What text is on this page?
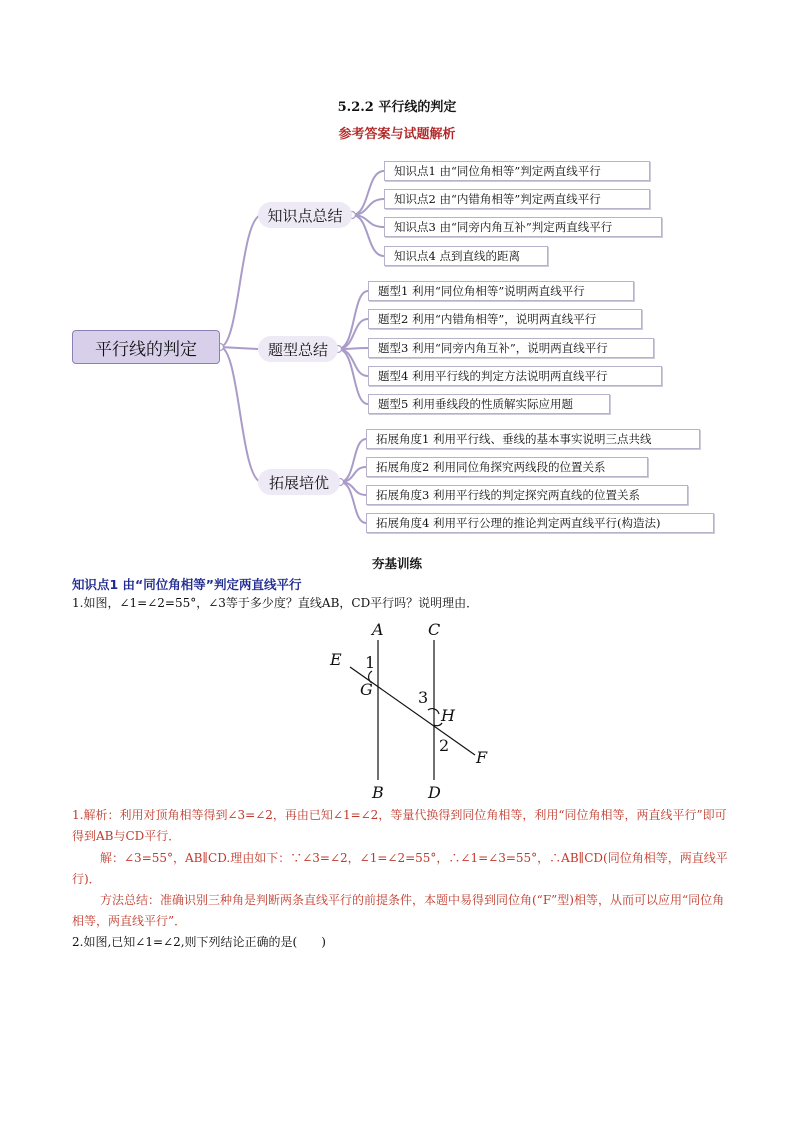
5.2.2 平行线的判定
参考答案与试题解析
平行线的判定
知识点总结
题型总结
拓展培优
知识点1 由“同位角相等”判定两直线平行
知识点2 由“内错角相等”判定两直线平行
知识点3 由“同旁内角互补”判定两直线平行
知识点4 点到直线的距离
题型1 利用“同位角相等”说明两直线平行
题型2 利用“内错角相等”，说明两直线平行
题型3 利用“同旁内角互补”，说明两直线平行
题型4 利用平行线的判定方法说明两直线平行
题型5 利用垂线段的性质解实际应用题
拓展角度1 利用平行线、垂线的基本事实说明三点共线
拓展角度2 利用同位角探究两线段的位置关系
拓展角度3 利用平行线的判定探究两直线的位置关系
拓展角度4 利用平行公理的推论判定两直线平行(构造法)
夯基训练
知识点1 由“同位角相等”判定两直线平行
1.如图，∠1=∠2=55°，∠3等于多少度？直线AB，CD平行吗？说明理由．
A	C
B	D
E
F
G
H
1
3
2
1.解析：利用对顶角相等得到∠3=∠2，再由已知∠1=∠2，等量代换得到同位角相等，利用“同位角相等，两直线平行”即可得到AB与CD平行．
解：∠3=55°，AB∥CD.理由如下：∵∠3=∠2，∠1=∠2=55°，∴∠1=∠3=55°，∴AB∥CD(同位角相等，两直线平行)．
方法总结：准确识别三种角是判断两条直线平行的前提条件，本题中易得到同位角(“F”型)相等，从而可以应用“同位角相等，两直线平行”．
2.如图,已知∠1=∠2,则下列结论正确的是(　　)
